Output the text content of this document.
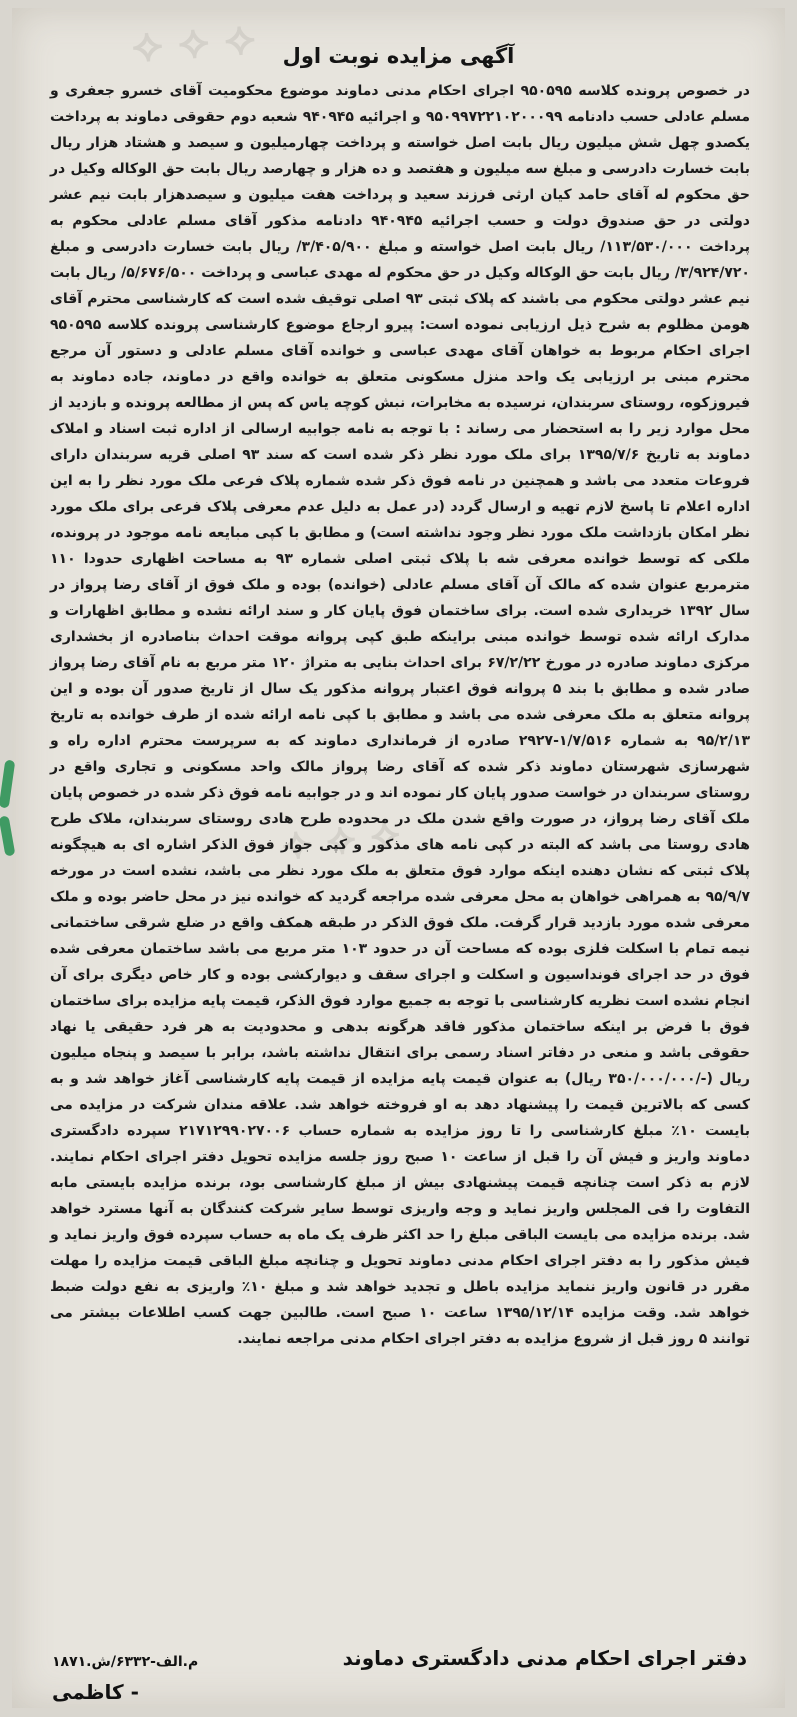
⟡ ⟡ ⟡
⟡ ⟡ ⟡
آگهی مزایده نوبت اول
در خصوص پرونده کلاسه ۹۵۰۵۹۵ اجرای احکام مدنی دماوند موضوع محکومیت آقای خسرو جعفری و مسلم عادلی حسب دادنامه ۹۵۰۹۹۷۲۲۱۰۲۰۰۰۹۹ و اجرائیه ۹۴۰۹۴۵ شعبه دوم حقوقی دماوند به پرداخت یکصدو چهل شش میلیون ریال بابت اصل خواسته و پرداخت چهارمیلیون و سیصد و هشتاد هزار ریال بابت خسارت دادرسی و مبلغ سه میلیون و هفتصد و ده هزار و چهارصد ریال بابت حق الوکاله وکیل در حق محکوم له آقای حامد کیان ارثی فرزند سعید و پرداخت هفت میلیون و سیصدهزار بابت نیم عشر دولتی در حق صندوق دولت و حسب اجرائیه ۹۴۰۹۴۵ دادنامه مذکور آقای مسلم عادلی محکوم به پرداخت ۱۱۳/۵۳۰/۰۰۰/ ریال بابت اصل خواسته و مبلغ ۳/۴۰۵/۹۰۰/ ریال بابت خسارت دادرسی و مبلغ ۳/۹۲۴/۷۲۰/ ریال بابت حق الوکاله وکیل در حق محکوم له مهدی عباسی و پرداخت ۵/۶۷۶/۵۰۰/ ریال بابت نیم عشر دولتی محکوم می باشند که پلاک ثبتی ۹۳ اصلی توقیف شده است که کارشناسی محترم آقای هومن مظلوم به شرح ذیل ارزیابی نموده است: پیرو ارجاع موضوع کارشناسی پرونده کلاسه ۹۵۰۵۹۵ اجرای احکام مربوط به خواهان آقای مهدی عباسی و خوانده آقای مسلم عادلی و دستور آن مرجع محترم مبنی بر ارزیابی یک واحد منزل مسکونی متعلق به خوانده واقع در دماوند، جاده دماوند به فیروزکوه، روستای سربندان، نرسیده به مخابرات، نبش کوچه یاس که پس از مطالعه پرونده و بازدید از محل موارد زیر را به استحضار می رساند : با توجه به نامه جوابیه ارسالی از اداره ثبت اسناد و املاک دماوند به تاریخ ۱۳۹۵/۷/۶ برای ملک مورد نظر ذکر شده است که سند ۹۳ اصلی قریه سربندان دارای فروعات متعدد می باشد و همچنین در نامه فوق ذکر شده شماره پلاک فرعی ملک مورد نظر را به این اداره اعلام تا پاسخ لازم تهیه و ارسال گردد (در عمل به دلیل عدم معرفی پلاک فرعی برای ملک مورد نظر امکان بازداشت ملک مورد نظر وجود نداشته است) و مطابق با کپی مبایعه نامه موجود در پرونده، ملکی که توسط خوانده معرفی شه با پلاک ثبتی اصلی شماره ۹۳ به مساحت اظهاری حدودا ۱۱۰ مترمربع عنوان شده که مالک آن آقای مسلم عادلی (خوانده) بوده و ملک فوق از آقای رضا پرواز در سال ۱۳۹۲ خریداری شده است. برای ساختمان فوق پایان کار و سند ارائه نشده و مطابق اظهارات و مدارک ارائه شده توسط خوانده مبنی براینکه طبق کپی پروانه موقت احداث بناصادره از بخشداری مرکزی دماوند صادره در مورخ ۶۷/۲/۲۲ برای احداث بنایی به متراژ ۱۲۰ متر مربع به نام آقای رضا پرواز صادر شده و مطابق با بند ۵ پروانه فوق اعتبار پروانه مذکور یک سال از تاریخ صدور آن بوده و این پروانه متعلق به ملک معرفی شده می باشد و مطابق با کپی نامه ارائه شده از طرف خوانده به تاریخ ۹۵/۲/۱۳ به شماره ۱/۷/۵۱۶-۲۹۲۷ صادره از فرمانداری دماوند که به سرپرست محترم اداره راه و شهرسازی شهرستان دماوند ذکر شده که آقای رضا پرواز مالک واحد مسکونی و تجاری واقع در روستای سربندان در خواست صدور پایان کار نموده اند و در جوابیه نامه فوق ذکر شده در خصوص پایان ملک آقای رضا پرواز، در صورت واقع شدن ملک در محدوده طرح هادی روستای سربندان، ملاک طرح هادی روستا می باشد که البته در کپی نامه های مذکور و کپی جواز فوق الذکر اشاره ای به هیچگونه پلاک ثبتی که نشان دهنده اینکه موارد فوق متعلق به ملک مورد نظر می باشد، نشده است در مورخه ۹۵/۹/۷ به همراهی خواهان به محل معرفی شده مراجعه گردید که خوانده نیز در محل حاضر بوده و ملک معرفی شده مورد بازدید قرار گرفت. ملک فوق الذکر در طبقه همکف واقع در ضلع شرقی ساختمانی نیمه تمام با اسکلت فلزی بوده که مساحت آن در حدود ۱۰۳ متر مربع می باشد ساختمان معرفی شده فوق در حد اجرای فونداسیون و اسکلت و اجرای سقف و دیوارکشی بوده و کار خاص دیگری برای آن انجام نشده است نظریه کارشناسی با توجه به جمیع موارد فوق الذکر، قیمت پایه مزایده برای ساختمان فوق با فرض بر اینکه ساختمان مذکور فاقد هرگونه بدهی و محدودیت به هر فرد حقیقی یا نهاد حقوقی باشد و منعی در دفاتر اسناد رسمی برای انتقال نداشته باشد، برابر با سیصد و پنجاه میلیون ریال (-/۳۵۰/۰۰۰/۰۰۰ ریال) به عنوان قیمت پایه مزایده از قیمت پایه کارشناسی آغاز خواهد شد و به کسی که بالاترین قیمت را پیشنهاد دهد به او فروخته خواهد شد. علاقه مندان شرکت در مزایده می بایست ۱۰٪ مبلغ کارشناسی را تا روز مزایده به شماره حساب ۲۱۷۱۲۹۹۰۲۷۰۰۶ سپرده دادگستری دماوند واریز و فیش آن را قبل از ساعت ۱۰ صبح روز جلسه مزایده تحویل دفتر اجرای احکام نمایند. لازم به ذکر است چنانچه قیمت پیشنهادی بیش از مبلغ کارشناسی بود، برنده مزایده بایستی مابه التفاوت را فی المجلس واریز نماید و وجه واریزی توسط سایر شرکت کنندگان به آنها مسترد خواهد شد. برنده مزایده می بایست الباقی مبلغ را حد اکثر ظرف یک ماه به حساب سپرده فوق واریز نماید و فیش مذکور را به دفتر اجرای احکام مدنی دماوند تحویل و چنانچه مبلغ الباقی قیمت مزایده را مهلت مقرر در قانون واریز ننماید مزایده باطل و تجدید خواهد شد و مبلغ ۱۰٪ واریزی به نفع دولت ضبط خواهد شد. وقت مزایده ۱۳۹۵/۱۲/۱۴ ساعت ۱۰ صبح است. طالبین جهت کسب اطلاعات بیشتر می توانند ۵ روز قبل از شروع مزایده به دفتر اجرای احکام مدنی مراجعه نمایند.
دفتر اجرای احکام مدنی دادگستری دماوند
۱۸۷۱.م.الف-۶۳۳۲/ش
- کاظمی
